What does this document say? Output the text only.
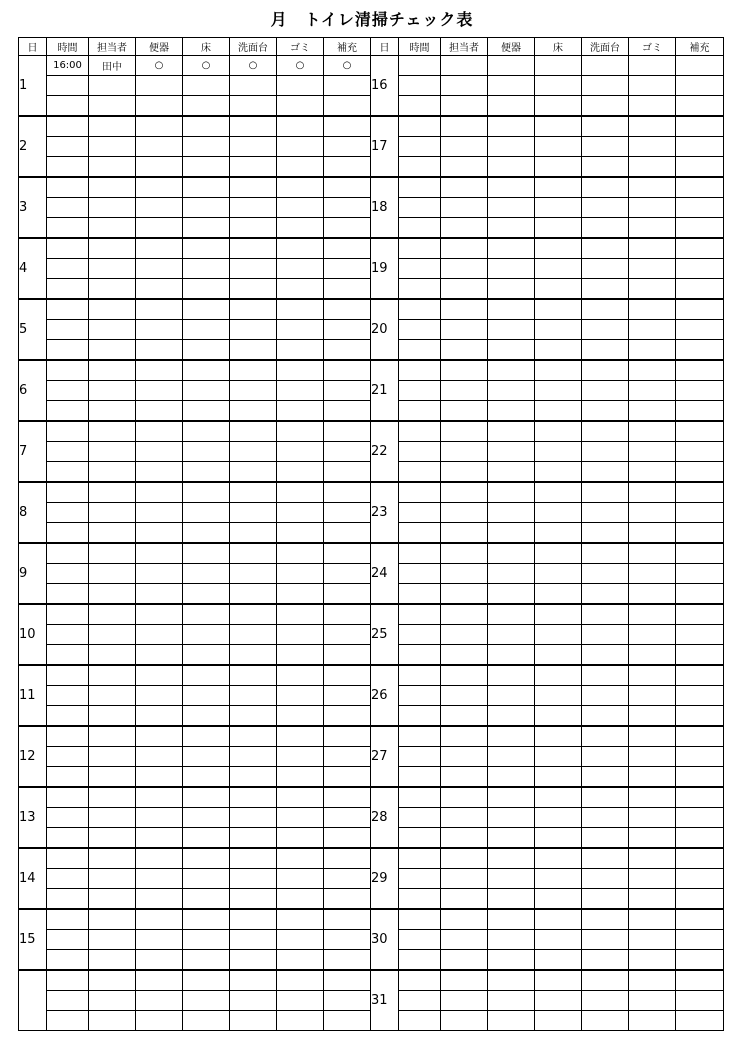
月　トイレ清掃チェック表
日	時間	担当者	便器	床	洗面台	ゴミ	補充	日	時間	担当者	便器	床	洗面台	ゴミ	補充
1	16:00	田中	○	○	○	○	○	16							

2								17							

3								18							

4								19							

5								20							

6								21							

7								22							

8								23							

9								24							

10								25							

11								26							

12								27							

13								28							

14								29							

15								30							

								31							
